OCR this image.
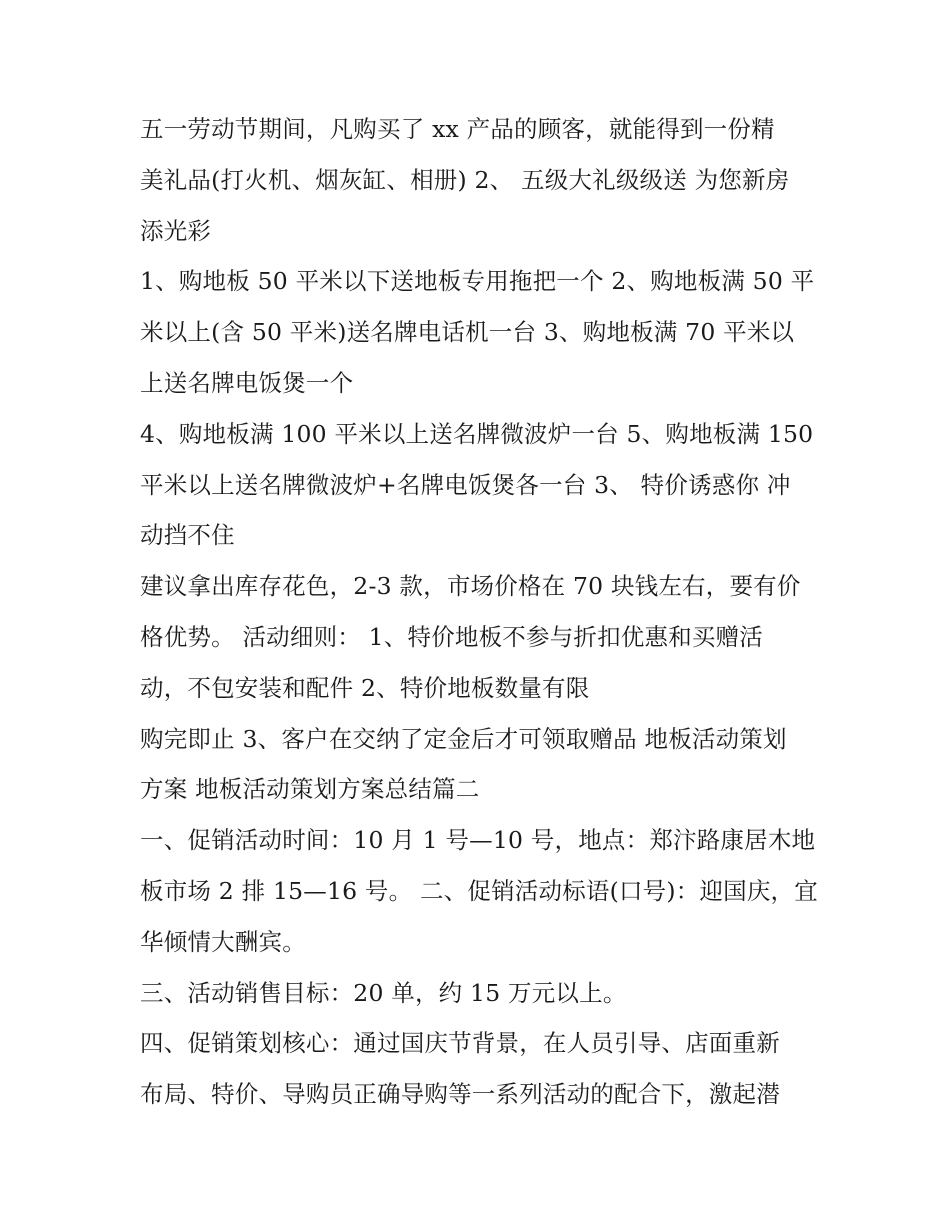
五一劳动节期间，凡购买了 xx 产品的顾客，就能得到一份精
美礼品(打火机、烟灰缸、相册) 2、 五级大礼级级送 为您新房
添光彩
1、购地板 50 平米以下送地板专用拖把一个 2、购地板满 50 平
米以上(含 50 平米)送名牌电话机一台 3、购地板满 70 平米以
上送名牌电饭煲一个
4、购地板满 100 平米以上送名牌微波炉一台 5、购地板满 150
平米以上送名牌微波炉+名牌电饭煲各一台 3、 特价诱惑你 冲
动挡不住
建议拿出库存花色，2-3 款，市场价格在 70 块钱左右，要有价
格优势。 活动细则： 1、特价地板不参与折扣优惠和买赠活
动，不包安装和配件 2、特价地板数量有限
购完即止 3、客户在交纳了定金后才可领取赠品 地板活动策划
方案 地板活动策划方案总结篇二
一、促销活动时间：10 月 1 号—10 号，地点：郑汴路康居木地
板市场 2 排 15—16 号。 二、促销活动标语(口号)：迎国庆，宜
华倾情大酬宾。
三、活动销售目标：20 单，约 15 万元以上。
四、促销策划核心：通过国庆节背景，在人员引导、店面重新
布局、特价、导购员正确导购等一系列活动的配合下，激起潜
